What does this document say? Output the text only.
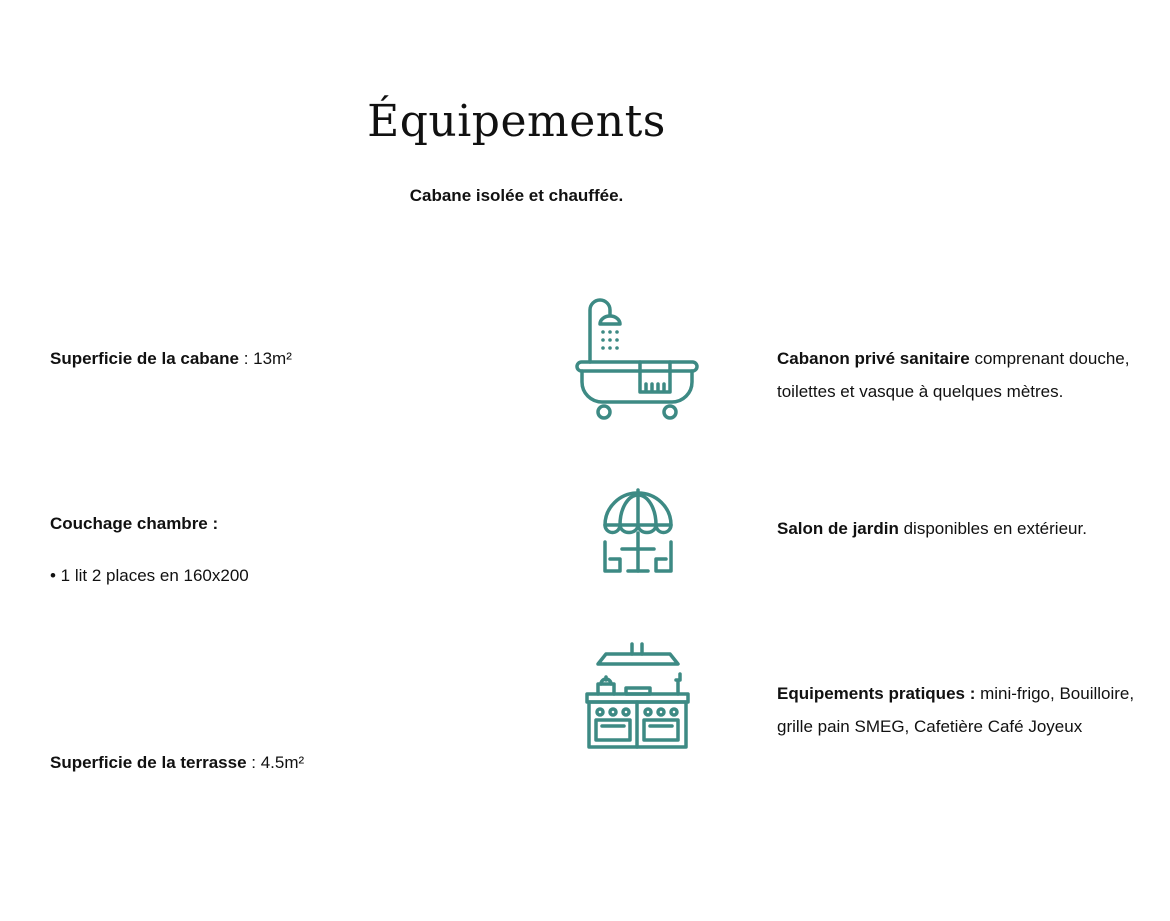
Équipements

Cabane isolée et chauffée.

Superficie de la cabane : 13m²
Couchage chambre :
• 1 lit 2 places en 160x200
Superficie de la terrasse : 4.5m²
Cabanon privé sanitaire comprenant douche,
toilettes et vasque à quelques mètres.
Salon de jardin disponibles en extérieur.
Equipements pratiques : mini-frigo, Bouilloire,
grille pain SMEG, Cafetière Café Joyeux
